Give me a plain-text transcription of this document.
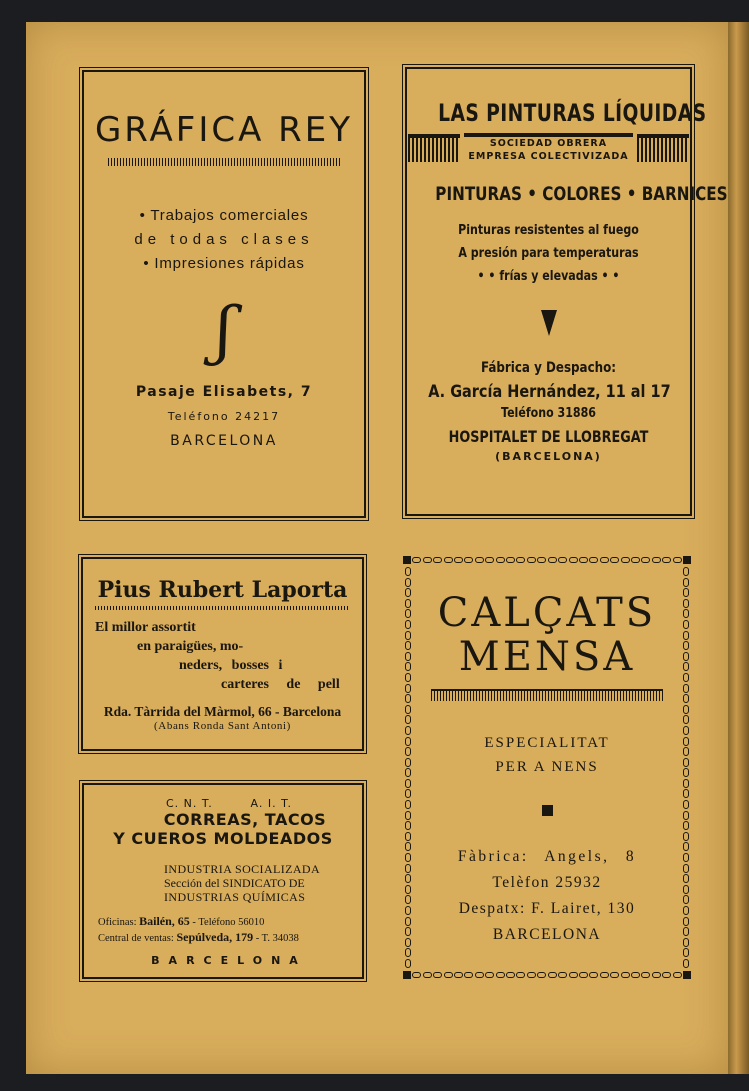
GRÁFICA REY
• Trabajos comerciales
de todas clases
• Impresiones rápidas
ʃ
Pasaje Elisabets, 7
Teléfono 24217
BARCELONA
LAS PINTURAS LÍQUIDAS
SOCIEDAD OBRERA
EMPRESA COLECTIVIZADA
PINTURAS • COLORES • BARNICES
Pinturas resistentes al fuego
A presión para temperaturas
• • frías y elevadas • •
Fábrica y Despacho:
A. García Hernández, 11 al 17
Teléfono 31886
HOSPITALET DE LLOBREGAT
(BARCELONA)
Pius Rubert Laporta
El millor assortit
en paraigües, mo-
neders, bosses i
carteres de pell
Rda. Tàrrida del Màrmol, 66 - Barcelona
(Abans Ronda Sant Antoni)
C. N. T.	A. I. T.
CORREAS, TACOS
Y CUEROS MOLDEADOS
INDUSTRIA SOCIALIZADA
Sección del SINDICATO DE
INDUSTRIAS QUÍMICAS
Oficinas: Bailén, 65 - Teléfono 56010
Central de ventas: Sepúlveda, 179 - T. 34038
BARCELONA
CALÇATS
MENSA
ESPECIALITAT
PER A NENS
Fàbrica: Angels, 8
Telèfon 25932
Despatx: F. Lairet, 130
BARCELONA
